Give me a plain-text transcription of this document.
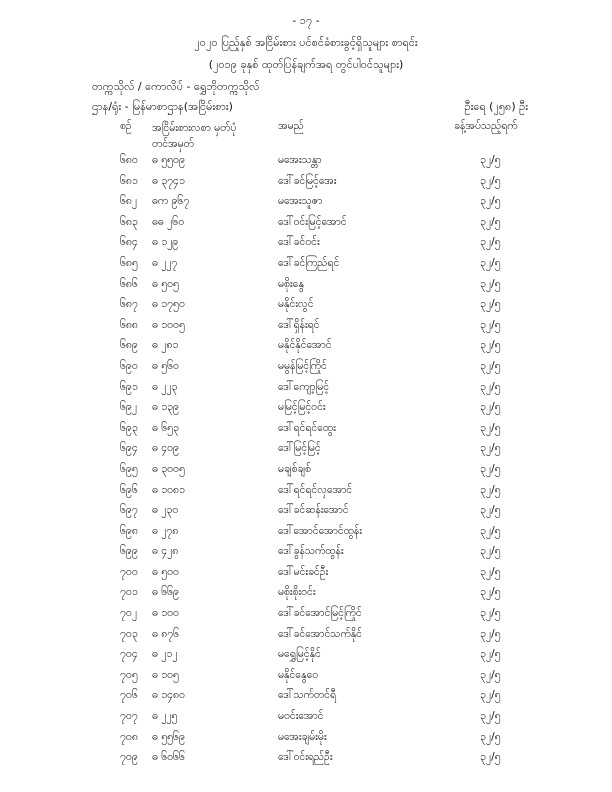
- ၁၇ -
၂၀၂၀ ပြည့်နှစ် အငြိမ်းစား ပင်စင်ခံစားခွင့်ရှိသူများ စာရင်း
(၂၀၁၉ ခုနှစ် ထုတ်ပြန်ချက်အရ တွင်ပါဝင်သူများ)
တက္ကသိုလ် / ကောလိပ် - ရွှေဘိုတက္ကသိုလ်
ဌာန/ရုံး - မြန်မာစာဌာန(အငြိမ်းစား)	ဦးရေ (၂၅၈) ဦး
စဉ် အငြိမ်းစားလစာ မှတ်ပုံ
တင်အမှတ်
အမည်	ခန့်အပ်သည့်ရက်
၆၈၀ ဓ ၅၅၀၉	မအေးသန္တာ	၃၂/၅
၆၈၁ ဓ ၃၇၄၁	ဒေါ်ခင်မြင့်အေး	၃၂/၅
၆၈၂ ဓက ၉၆၇	မအေးသူဇာ	၃၂/၅
၆၈၃ ဓဓ ၂၆၀	ဒေါ်ဝင်းမြင့်အောင်	၃၂/၅
၆၈၄ ဓ ၁၂၉	ဒေါ်ခင်ဝင်း	၃၂/၅
၆၈၅ ဓ ၂၂၇	ဒေါ်ခင်ကြည်ရင်	၃၂/၅
၆၈၆ ဓ ၅၀၅	မစိုးနွေ	၃၂/၅
၆၈၇ ဓ ၁၇၅၀	မနိုင်းလွင်	၃၂/၅
၆၈၈ ဓ ၁၀၀၅	ဒေါ်ရှိန်းရင်	၃၂/၅
၆၈၉ ဓ ၂၈၁	မနိုင်နိုင်အောင်	၃၂/၅
၆၉၀ ဓ ၅၆၀	မမွန်မြင့်ကြိုင်	၃၂/၅
၆၉၁ ဓ ၂၂၃	ဒေါ်ကျော့မြင့်	၃၂/၅
၆၉၂ ဓ ၁၃၉	မမြင့်မြင့်ဝင်း	၃၂/၅
၆၉၃ ဓ ၆၅၃	ဒေါ်ရင်ရင်ထွေး	၃၂/၅
၆၉၄ ဓ ၄၀၉	ဒေါ်မြင့်မြင့်	၃၂/၅
၆၉၅ ဓ ၃၀၀၅	မချစ်ချစ်	၃၂/၅
၆၉၆ ဓ ၁၀၈၁	ဒေါ်ရင်ရင်လှအောင်	၃၂/၅
၆၉၇ ဓ ၂၃၀	ဒေါ်ခင်ဆန်းအောင်	၃၂/၅
၆၉၈ ဓ ၂၇၈	ဒေါ်အောင်အောင်ထွန်း	၃၂/၅
၆၉၉ ဓ ၄၂၈	ဒေါ်ခွန်သက်ထွန်း	၃၂/၅
၇၀၀ ဓ ၅၀၀	ဒေါ်မင်းခင်ဦး	၃၂/၅
၇၀၁ ဓ ၆၆၉	မစိုးစိုးဝင်း	၃၂/၅
၇၀၂ ဓ ၁၀၀	ဒေါ်ခင်အောင်မြင့်ကြိုင်	၃၂/၅
၇၀၃ ဓ ၈၇၆	ဒေါ်ခင်အောင်သက်နိုင်	၃၂/၅
၇၀၄ ဓ ၂၁၂	မရွှေမြင့်နိုင်	၃၂/၅
၇၀၅ ဓ ၁၀၅	မနိုင်နွေဝေ	၃၂/၅
၇၀၆ ဓ ၁၄၈၀	ဒေါ်သက်တင်ရီ	၃၂/၅
၇၀၇ ဓ ၂၂၅	မဝင်းအောင်	၃၂/၅
၇၀၈ ဓ ၅၅၆၉	မအေးချမ်းမိုး	၃၂/၅
၇၀၉ ဓ ၆၀၆၆	ဒေါ်ဝင်းရည်ဦး	၃၂/၅
